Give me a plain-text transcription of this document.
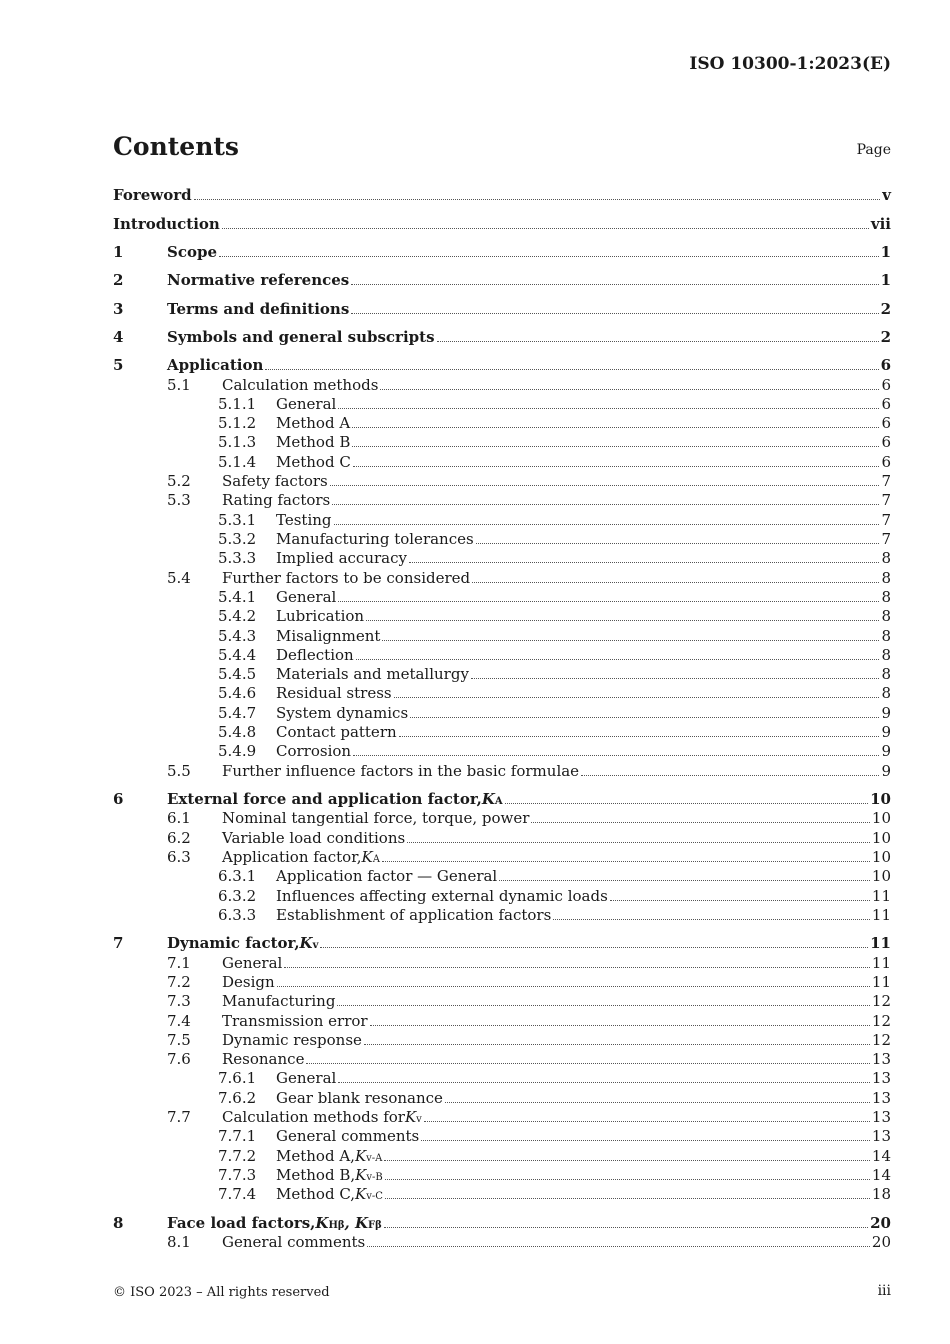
ISO 10300-1:2023(E)
Contents	Page
Foreword	v
Introduction	vii
1	Scope	1
2	Normative references	1
3	Terms and definitions	2
4	Symbols and general subscripts	2
5	Application	6
5.1 Calculation methods	6
5.1.1 General	6
5.1.2 Method A	6
5.1.3 Method B	6
5.1.4 Method C	6
5.2 Safety factors	7
5.3 Rating factors	7
5.3.1 Testing	7
5.3.2 Manufacturing tolerances	7
5.3.3 Implied accuracy	8
5.4 Further factors to be considered	8
5.4.1 General	8
5.4.2 Lubrication	8
5.4.3 Misalignment	8
5.4.4 Deflection	8
5.4.5 Materials and metallurgy	8
5.4.6 Residual stress	8
5.4.7 System dynamics	9
5.4.8 Contact pattern	9
5.4.9 Corrosion	9
5.5 Further influence factors in the basic formulae	9
6	External force and application factor, K A	10
6.1 Nominal tangential force, torque, power	10
6.2 Variable load conditions	10
6.3 Application factor, K A	10
6.3.1 Application factor — General	10
6.3.2 Influences affecting external dynamic loads	11
6.3.3 Establishment of application factors	11
7	Dynamic factor, K v	11
7.1 General	11
7.2 Design	11
7.3 Manufacturing	12
7.4 Transmission error	12
7.5 Dynamic response	12
7.6 Resonance	13
7.6.1 General	13
7.6.2 Gear blank resonance	13
7.7 Calculation methods for K v	13
7.7.1 General comments	13
7.7.2 Method A, K v-A	14
7.7.3 Method B, K v-B	14
7.7.4 Method C, K v-C	18
8	Face load factors, K Hβ , K Fβ	20
8.1 General comments	20
© ISO 2023 – All rights reserved	iii
